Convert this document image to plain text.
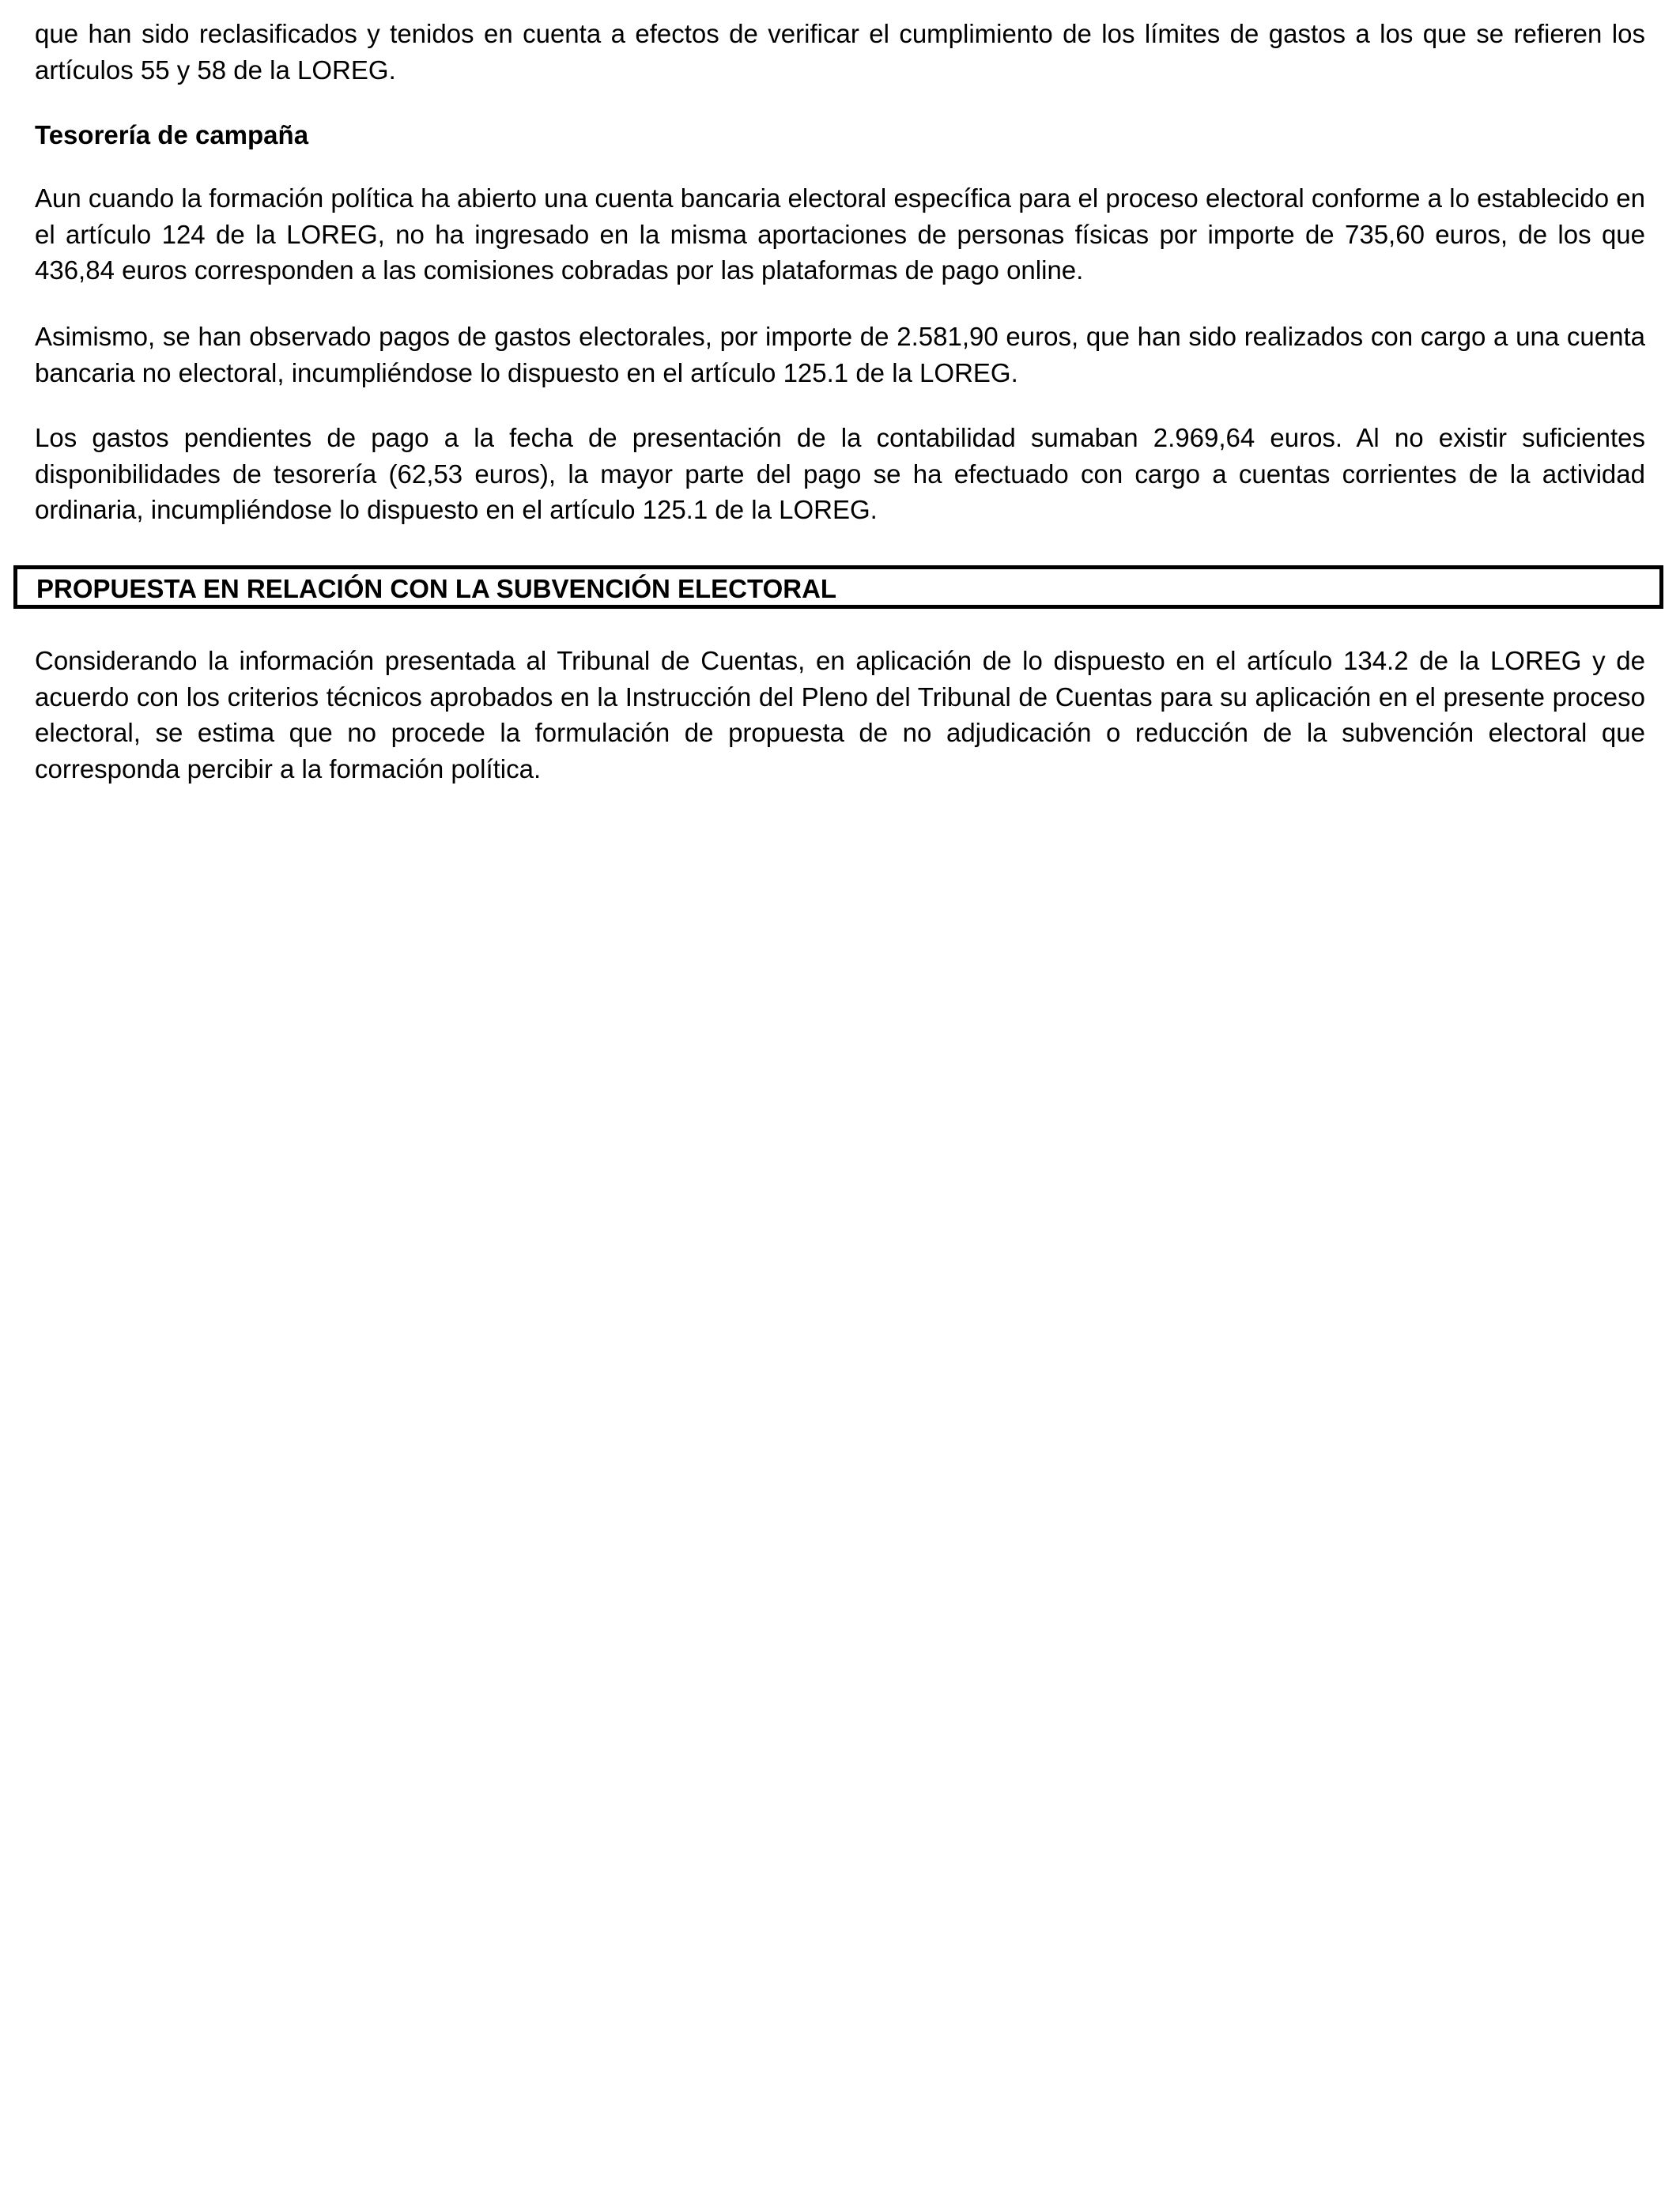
que han sido reclasificados y tenidos en cuenta a efectos de verificar el cumplimiento de los límites de gastos a los que se refieren los artículos 55 y 58 de la LOREG.

Tesorería de campaña

Aun cuando la formación política ha abierto una cuenta bancaria electoral específica para el proceso electoral conforme a lo establecido en el artículo 124 de la LOREG, no ha ingresado en la misma aportaciones de personas físicas por importe de 735,60 euros, de los que 436,84 euros corresponden a las comisiones cobradas por las plataformas de pago online.

Asimismo, se han observado pagos de gastos electorales, por importe de 2.581,90 euros, que han sido realizados con cargo a una cuenta bancaria no electoral, incumpliéndose lo dispuesto en el artículo 125.1 de la LOREG.

Los gastos pendientes de pago a la fecha de presentación de la contabilidad sumaban 2.969,64 euros. Al no existir suficientes disponibilidades de tesorería (62,53 euros), la mayor parte del pago se ha efectuado con cargo a cuentas corrientes de la actividad ordinaria, incumpliéndose lo dispuesto en el artículo 125.1 de la LOREG.

PROPUESTA EN RELACIÓN CON LA SUBVENCIÓN ELECTORAL

Considerando la información presentada al Tribunal de Cuentas, en aplicación de lo dispuesto en el artículo 134.2 de la LOREG y de acuerdo con los criterios técnicos aprobados en la Instrucción del Pleno del Tribunal de Cuentas para su aplicación en el presente proceso electoral, se estima que no procede la formulación de propuesta de no adjudicación o reducción de la subvención electoral que corresponda percibir a la formación política.
